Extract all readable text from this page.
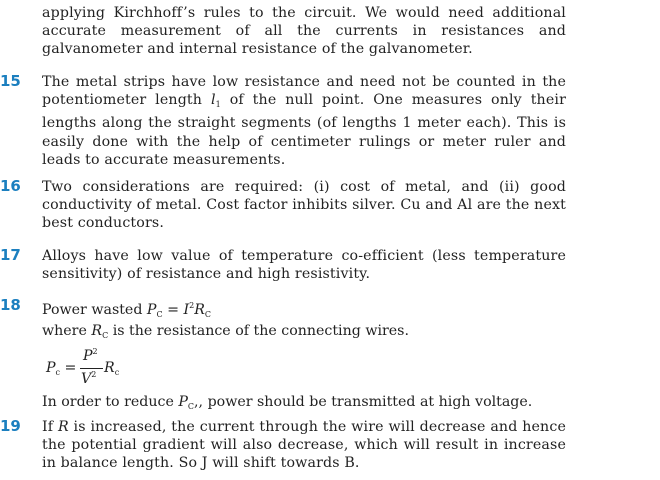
applying Kirchhoff’s rules to the circuit. We would need additional accurate measurement of all the currents in resistances and galvanometer and internal resistance of the galvanometer.
15 The metal strips have low resistance and need not be counted in the potentiometer length $l_1$ of the null point. One measures only their lengths along the straight segments (of lengths 1 meter each). This is easily done with the help of centimeter rulings or meter ruler and leads to accurate measurements.
16 Two considerations are required: (i) cost of metal, and (ii) good conductivity of metal. Cost factor inhibits silver. Cu and Al are the next best conductors.
17 Alloys have low value of temperature co-efficient (less temperature sensitivity) of resistance and high resistivity.
18 Power wasted $P_C = I^2R_C$
where $R_C$ is the resistance of the connecting wires.
$P_c$ =
$P^2$
$V^2$ $R_c$
In order to reduce $P_C$,, power should be transmitted at high voltage.
19 If R is increased, the current through the wire will decrease and hence the potential gradient will also decrease, which will result in increase in balance length. So J will shift towards B.
